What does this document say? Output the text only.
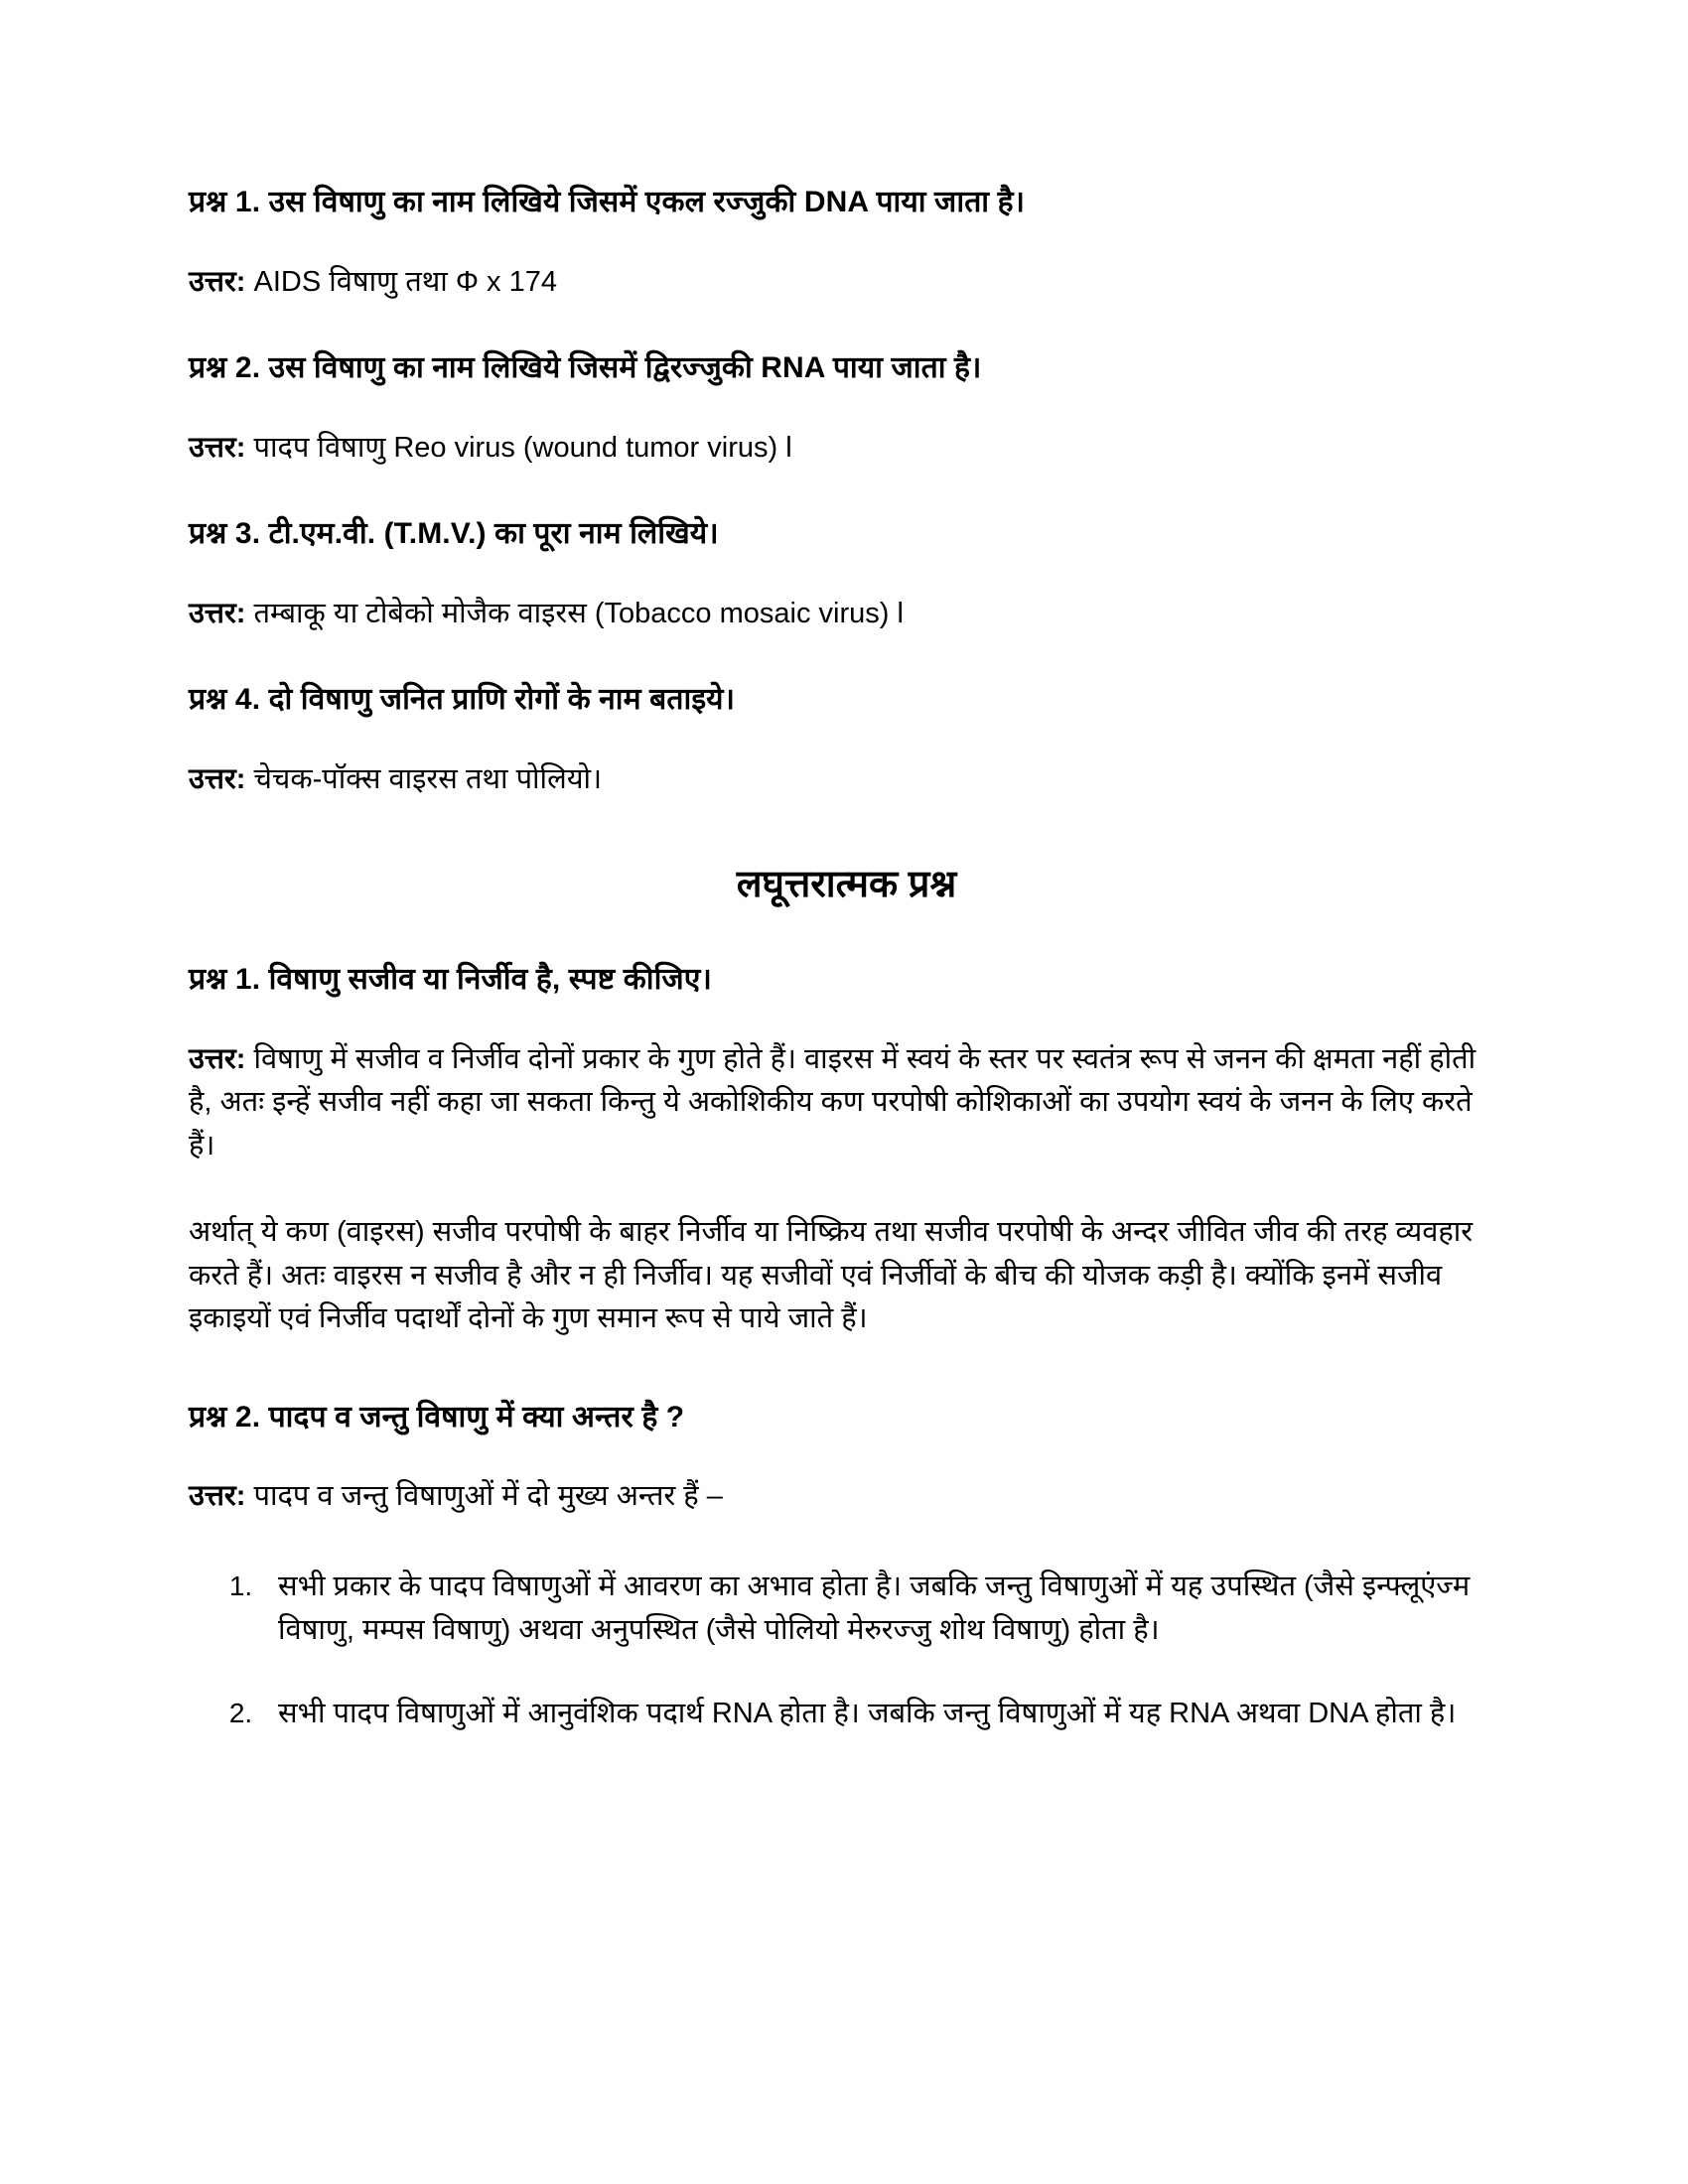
प्रश्न 1. उस विषाणु का नाम लिखिये जिसमें एकल रज्जुकी DNA पाया जाता है।

उत्तर: AIDS विषाणु तथा Φ x 174

प्रश्न 2. उस विषाणु का नाम लिखिये जिसमें द्विरज्जुकी RNA पाया जाता है।

उत्तर: पादप विषाणु Reo virus (wound tumor virus) l

प्रश्न 3. टी.एम.वी. (T.M.V.) का पूरा नाम लिखिये।

उत्तर: तम्बाकू या टोबेको मोजैक वाइरस (Tobacco mosaic virus) l

प्रश्न 4. दो विषाणु जनित प्राणि रोगों के नाम बताइये।

उत्तर: चेचक-पॉक्स वाइरस तथा पोलियो।

लघूत्तरात्मक प्रश्न

प्रश्न 1. विषाणु सजीव या निर्जीव है, स्पष्ट कीजिए।

उत्तर: विषाणु में सजीव व निर्जीव दोनों प्रकार के गुण होते हैं। वाइरस में स्वयं के स्तर पर स्वतंत्र रूप से जनन की क्षमता नहीं होती है, अतः इन्हें सजीव नहीं कहा जा सकता किन्तु ये अकोशिकीय कण परपोषी कोशिकाओं का उपयोग स्वयं के जनन के लिए करते हैं।

अर्थात् ये कण (वाइरस) सजीव परपोषी के बाहर निर्जीव या निष्क्रिय तथा सजीव परपोषी के अन्दर जीवित जीव की तरह व्यवहार करते हैं। अतः वाइरस न सजीव है और न ही निर्जीव। यह सजीवों एवं निर्जीवों के बीच की योजक कड़ी है। क्योंकि इनमें सजीव इकाइयों एवं निर्जीव पदार्थों दोनों के गुण समान रूप से पाये जाते हैं।

प्रश्न 2. पादप व जन्तु विषाणु में क्या अन्तर है ?

उत्तर: पादप व जन्तु विषाणुओं में दो मुख्य अन्तर हैं –

1. सभी प्रकार के पादप विषाणुओं में आवरण का अभाव होता है। जबकि जन्तु विषाणुओं में यह उपस्थित (जैसे इन्फ्लूएंज्म विषाणु, मम्पस विषाणु) अथवा अनुपस्थित (जैसे पोलियो मेरुरज्जु शोथ विषाणु) होता है।
2. सभी पादप विषाणुओं में आनुवंशिक पदार्थ RNA होता है। जबकि जन्तु विषाणुओं में यह RNA अथवा DNA होता है।
